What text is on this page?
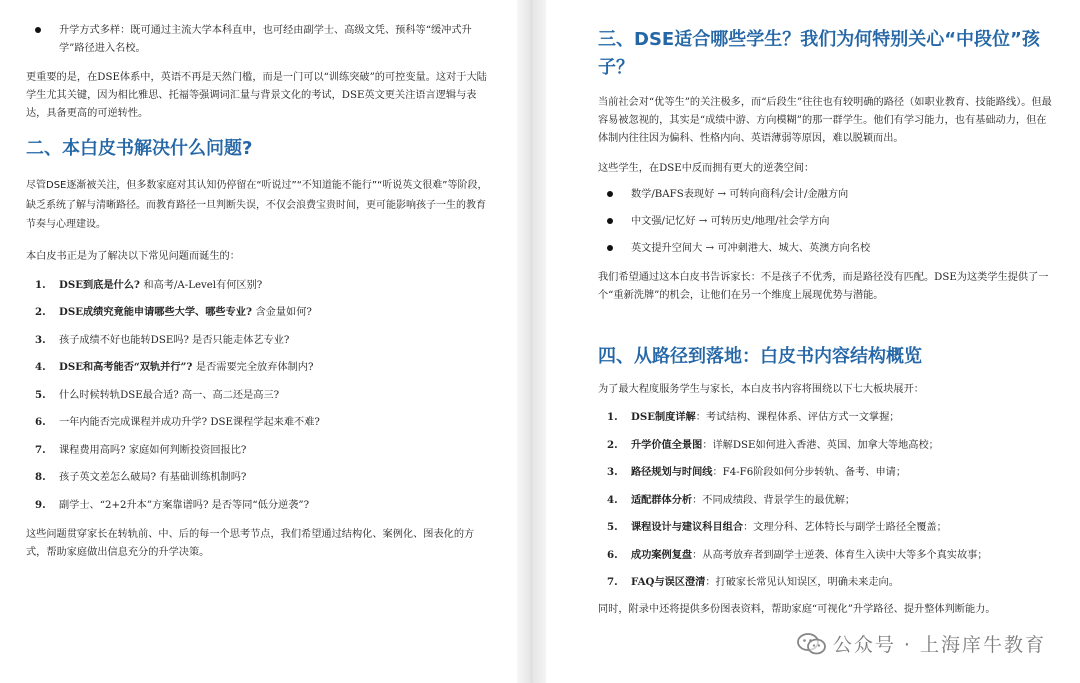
升学方式多样：既可通过主流大学本科直申，也可经由副学士、高级文凭、预科等“缓冲式升学”路径进入名校。

更重要的是，在DSE体系中，英语不再是天然门槛，而是一门可以“训练突破”的可控变量。这对于大陆学生尤其关键，因为相比雅思、托福等强调词汇量与背景文化的考试，DSE英文更关注语言逻辑与表达，具备更高的可逆转性。

二、本白皮书解决什么问题?

尽管DSE逐渐被关注，但多数家庭对其认知仍停留在“听说过”“不知道能不能行”“听说英文很难”等阶段，缺乏系统了解与清晰路径。而教育路径一旦判断失误，不仅会浪费宝贵时间，更可能影响孩子一生的教育节奏与心理建设。

本白皮书正是为了解决以下常见问题而诞生的：

1. DSE到底是什么? 和高考/A-Level有何区别?
2. DSE成绩究竟能申请哪些大学、哪些专业? 含金量如何?
3. 孩子成绩不好也能转DSE吗? 是否只能走体艺专业?
4. DSE和高考能否“双轨并行”? 是否需要完全放弃体制内?
5. 什么时候转轨DSE最合适? 高一、高二还是高三?
6. 一年内能否完成课程并成功升学? DSE课程学起来难不难?
7. 课程费用高吗? 家庭如何判断投资回报比?
8. 孩子英文差怎么破局? 有基础训练机制吗?
9. 副学士、“2+2升本”方案靠谱吗? 是否等同“低分逆袭”?

这些问题贯穿家长在转轨前、中、后的每一个思考节点，我们希望通过结构化、案例化、图表化的方式，帮助家庭做出信息充分的升学决策。

三、DSE适合哪些学生？我们为何特别关心“中段位”孩子？

当前社会对“优等生”的关注极多，而“后段生”往往也有较明确的路径（如职业教育、技能路线）。但最容易被忽视的，其实是“成绩中游、方向模糊”的那一群学生。他们有学习能力，也有基础动力，但在体制内往往因为偏科、性格内向、英语薄弱等原因，难以脱颖而出。

这些学生，在DSE中反而拥有更大的逆袭空间：

数学/BAFS表现好 → 可转向商科/会计/金融方向
中文强/记忆好 → 可转历史/地理/社会学方向
英文提升空间大 → 可冲刺港大、城大、英澳方向名校

我们希望通过这本白皮书告诉家长：不是孩子不优秀，而是路径没有匹配。DSE为这类学生提供了一个“重新洗牌”的机会，让他们在另一个维度上展现优势与潜能。

四、从路径到落地：白皮书内容结构概览

为了最大程度服务学生与家长，本白皮书内容将围绕以下七大板块展开：

1. DSE制度详解：考试结构、课程体系、评估方式一文掌握；
2. 升学价值全景图：详解DSE如何进入香港、英国、加拿大等地高校；
3. 路径规划与时间线：F4-F6阶段如何分步转轨、备考、申请；
4. 适配群体分析：不同成绩段、背景学生的最优解；
5. 课程设计与建议科目组合：文理分科、艺体特长与副学士路径全覆盖；
6. 成功案例复盘：从高考放弃者到副学士逆袭、体育生入读中大等多个真实故事；
7. FAQ与误区澄清：打破家长常见认知误区，明确未来走向。

同时，附录中还将提供多份图表资料，帮助家庭“可视化”升学路径、提升整体判断能力。

公众号 · 上海庠牛教育
